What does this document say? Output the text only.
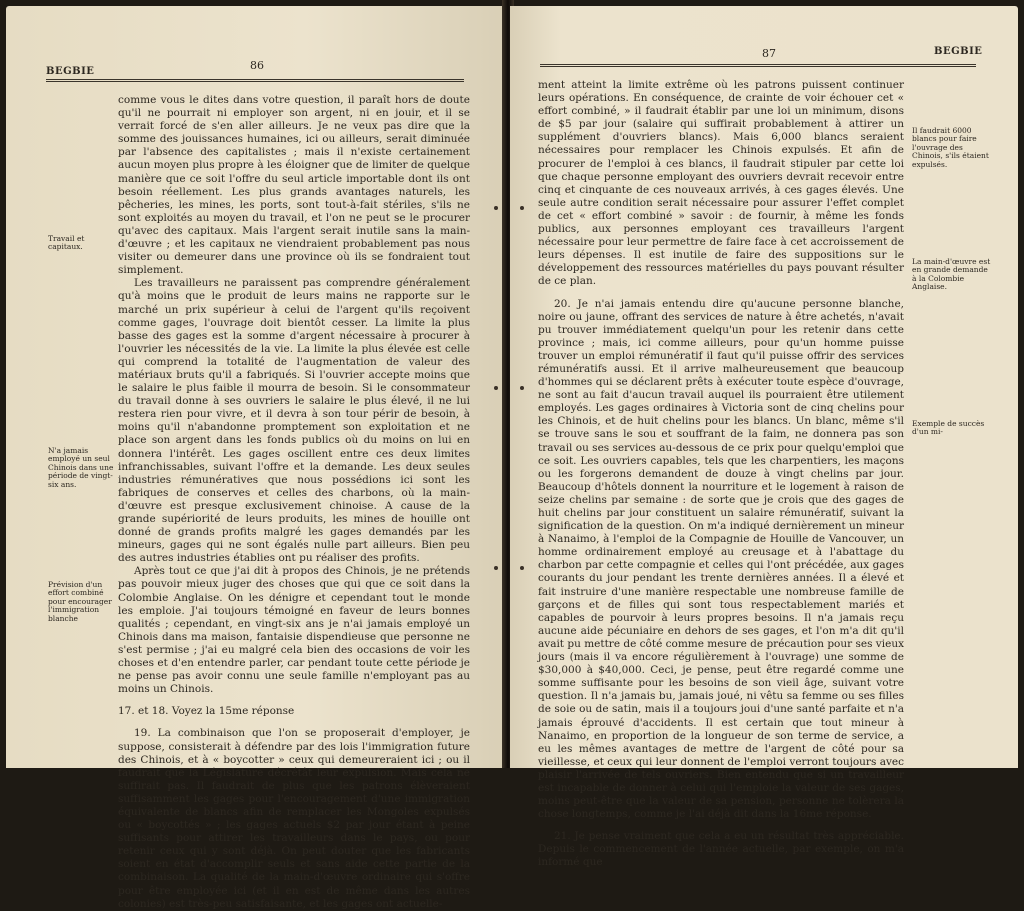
BEGBIE	86
Travail et capitaux.
N'a jamais employé un seul Chinois dans une période de vingt-six ans.
Prévision d'un effort combiné pour encourager l'immigration blanche

comme vous le dites dans votre question, il paraît hors de doute qu'il ne pourrait ni employer son argent, ni en jouir, et il se verrait forcé de s'en aller ailleurs. Je ne veux pas dire que la somme des jouissances humaines, ici ou ailleurs, serait diminuée par l'absence des capitalistes ; mais il n'existe certainement aucun moyen plus propre à les éloigner que de limiter de quelque manière que ce soit l'offre du seul article importable dont ils ont besoin réellement. Les plus grands avantages naturels, les pêcheries, les mines, les ports, sont tout-à-fait stériles, s'ils ne sont exploités au moyen du travail, et l'on ne peut se le procurer qu'avec des capitaux. Mais l'argent serait inutile sans la main-d'œuvre ; et les capitaux ne viendraient probablement pas nous visiter ou demeurer dans une province où ils se fondraient tout simplement.

Les travailleurs ne paraissent pas comprendre généralement qu'à moins que le produit de leurs mains ne rapporte sur le marché un prix supérieur à celui de l'argent qu'ils reçoivent comme gages, l'ouvrage doit bientôt cesser. La limite la plus basse des gages est la somme d'argent nécessaire à procurer à l'ouvrier les nécessités de la vie. La limite la plus élevée est celle qui comprend la totalité de l'augmentation de valeur des matériaux bruts qu'il a fabriqués. Si l'ouvrier accepte moins que le salaire le plus faible il mourra de besoin. Si le consommateur du travail donne à ses ouvriers le salaire le plus élevé, il ne lui restera rien pour vivre, et il devra à son tour périr de besoin, à moins qu'il n'abandonne promptement son exploitation et ne place son argent dans les fonds publics où du moins on lui en donnera l'intérêt. Les gages oscillent entre ces deux limites infranchissables, suivant l'offre et la demande. Les deux seules industries rémunératives que nous possédions ici sont les fabriques de conserves et celles des charbons, où la main-d'œuvre est presque exclusivement chinoise. A cause de la grande supériorité de leurs produits, les mines de houille ont donné de grands profits malgré les gages demandés par les mineurs, gages qui ne sont égalés nulle part ailleurs. Bien peu des autres industries établies ont pu réaliser des profits.

Après tout ce que j'ai dit à propos des Chinois, je ne prétends pas pouvoir mieux juger des choses que qui que ce soit dans la Colombie Anglaise. On les dénigre et cependant tout le monde les emploie. J'ai toujours témoigné en faveur de leurs bonnes qualités ; cependant, en vingt-six ans je n'ai jamais employé un Chinois dans ma maison, fantaisie dispendieuse que personne ne s'est permise ; j'ai eu malgré cela bien des occasions de voir les choses et d'en entendre parler, car pendant toute cette période je ne pense pas avoir connu une seule famille n'employant pas au moins un Chinois.

17. et 18. Voyez la 15me réponse

19. La combinaison que l'on se proposerait d'employer, je suppose, consisterait à défendre par des lois l'immigration future des Chinois, et à « boycotter » ceux qui demeureraient ici ; ou il faudrait que la Législature décrétât leur expulsion. Mais cela ne suffirait pas. Il faudrait de plus que les patrons élèveraient suffisamment les gages pour l'encouragement d'une immigration équivalente de blancs afin de remplacer les Mongoles expulsés ou « boycottés » ; les gages actuels $2 par jour étant à peine suffisants pour attirer les travailleurs dans le pays, ou pour retenir ceux qui y sont déjà. On peut douter que les fabricants soient en état d'accomplir seuls et sans aide cette partie de la combinaison. La qualité de la main-d'œuvre ordinaire qui s'offre pour être employée ici (et il en est de même dans les autres colonies) est très-peu satisfaisante, et les gages ont actuelle-

87	BEGBIE

ment atteint la limite extrême où les patrons puissent continuer leurs opérations. En conséquence, de crainte de voir échouer cet « effort combiné, » il faudrait établir par une loi un minimum, disons de $5 par jour (salaire qui suffirait probablement à attirer un supplément d'ouvriers blancs). Mais 6,000 blancs seraient nécessaires pour remplacer les Chinois expulsés. Et afin de procurer de l'emploi à ces blancs, il faudrait stipuler par cette loi que chaque personne employant des ouvriers devrait recevoir entre cinq et cinquante de ces nouveaux arrivés, à ces gages élevés. Une seule autre condition serait nécessaire pour assurer l'effet complet de cet « effort combiné » savoir : de fournir, à même les fonds publics, aux personnes employant ces travailleurs l'argent nécessaire pour leur permettre de faire face à cet accroissement de leurs dépenses. Il est inutile de faire des suppositions sur le développement des ressources matérielles du pays pouvant résulter de ce plan.

20. Je n'ai jamais entendu dire qu'aucune personne blanche, noire ou jaune, offrant des services de nature à être achetés, n'avait pu trouver immédiatement quelqu'un pour les retenir dans cette province ; mais, ici comme ailleurs, pour qu'un homme puisse trouver un emploi rémunératif il faut qu'il puisse offrir des services rémunératifs aussi. Et il arrive malheureusement que beaucoup d'hommes qui se déclarent prêts à exécuter toute espèce d'ouvrage, ne sont au fait d'aucun travail auquel ils pourraient être utilement employés. Les gages ordinaires à Victoria sont de cinq chelins pour les Chinois, et de huit chelins pour les blancs. Un blanc, même s'il se trouve sans le sou et souffrant de la faim, ne donnera pas son travail ou ses services au-dessous de ce prix pour quelqu'emploi que ce soit. Les ouvriers capables, tels que les charpentiers, les maçons ou les forgerons demandent de douze à vingt chelins par jour. Beaucoup d'hôtels donnent la nourriture et le logement à raison de seize chelins par semaine : de sorte que je crois que des gages de huit chelins par jour constituent un salaire rémunératif, suivant la signification de la question. On m'a indiqué dernièrement un mineur à Nanaimo, à l'emploi de la Compagnie de Houille de Vancouver, un homme ordinairement employé au creusage et à l'abattage du charbon par cette compagnie et celles qui l'ont précédée, aux gages courants du jour pendant les trente dernières années. Il a élevé et fait instruire d'une manière respectable une nombreuse famille de garçons et de filles qui sont tous respectablement mariés et capables de pourvoir à leurs propres besoins. Il n'a jamais reçu aucune aide pécuniaire en dehors de ses gages, et l'on m'a dit qu'il avait pu mettre de côté comme mesure de précaution pour ses vieux jours (mais il va encore régulièrement à l'ouvrage) une somme de $30,000 à $40,000. Ceci, je pense, peut être regardé comme une somme suffisante pour les besoins de son vieil âge, suivant votre question. Il n'a jamais bu, jamais joué, ni vêtu sa femme ou ses filles de soie ou de satin, mais il a toujours joui d'une santé parfaite et n'a jamais éprouvé d'accidents. Il est certain que tout mineur à Nanaimo, en proportion de la longueur de son terme de service, a eu les mêmes avantages de mettre de l'argent de côté pour sa vieillesse, et ceux qui leur donnent de l'emploi verront toujours avec plaisir l'arrivée de tels ouvriers. Bien entendu que si un travailleur est incapable de donner à celui qui l'emploie la valeur de ses gages, moins peut-être que la valeur de sa pension, personne ne tolèrera la chose longtemps, comme je l'ai déjà dit dans la 16me réponse.

21. Je pense vraiment que cela a eu un résultat très appréciable. Depuis le commencement de l'année actuelle, par exemple, on m'a informé que

Il faudrait 6000 blancs pour faire l'ouvrage des Chinois, s'ils étaient expulsés.
La main-d'œuvre est en grande demande à la Colombie Anglaise.
Exemple de succès d'un mi-
